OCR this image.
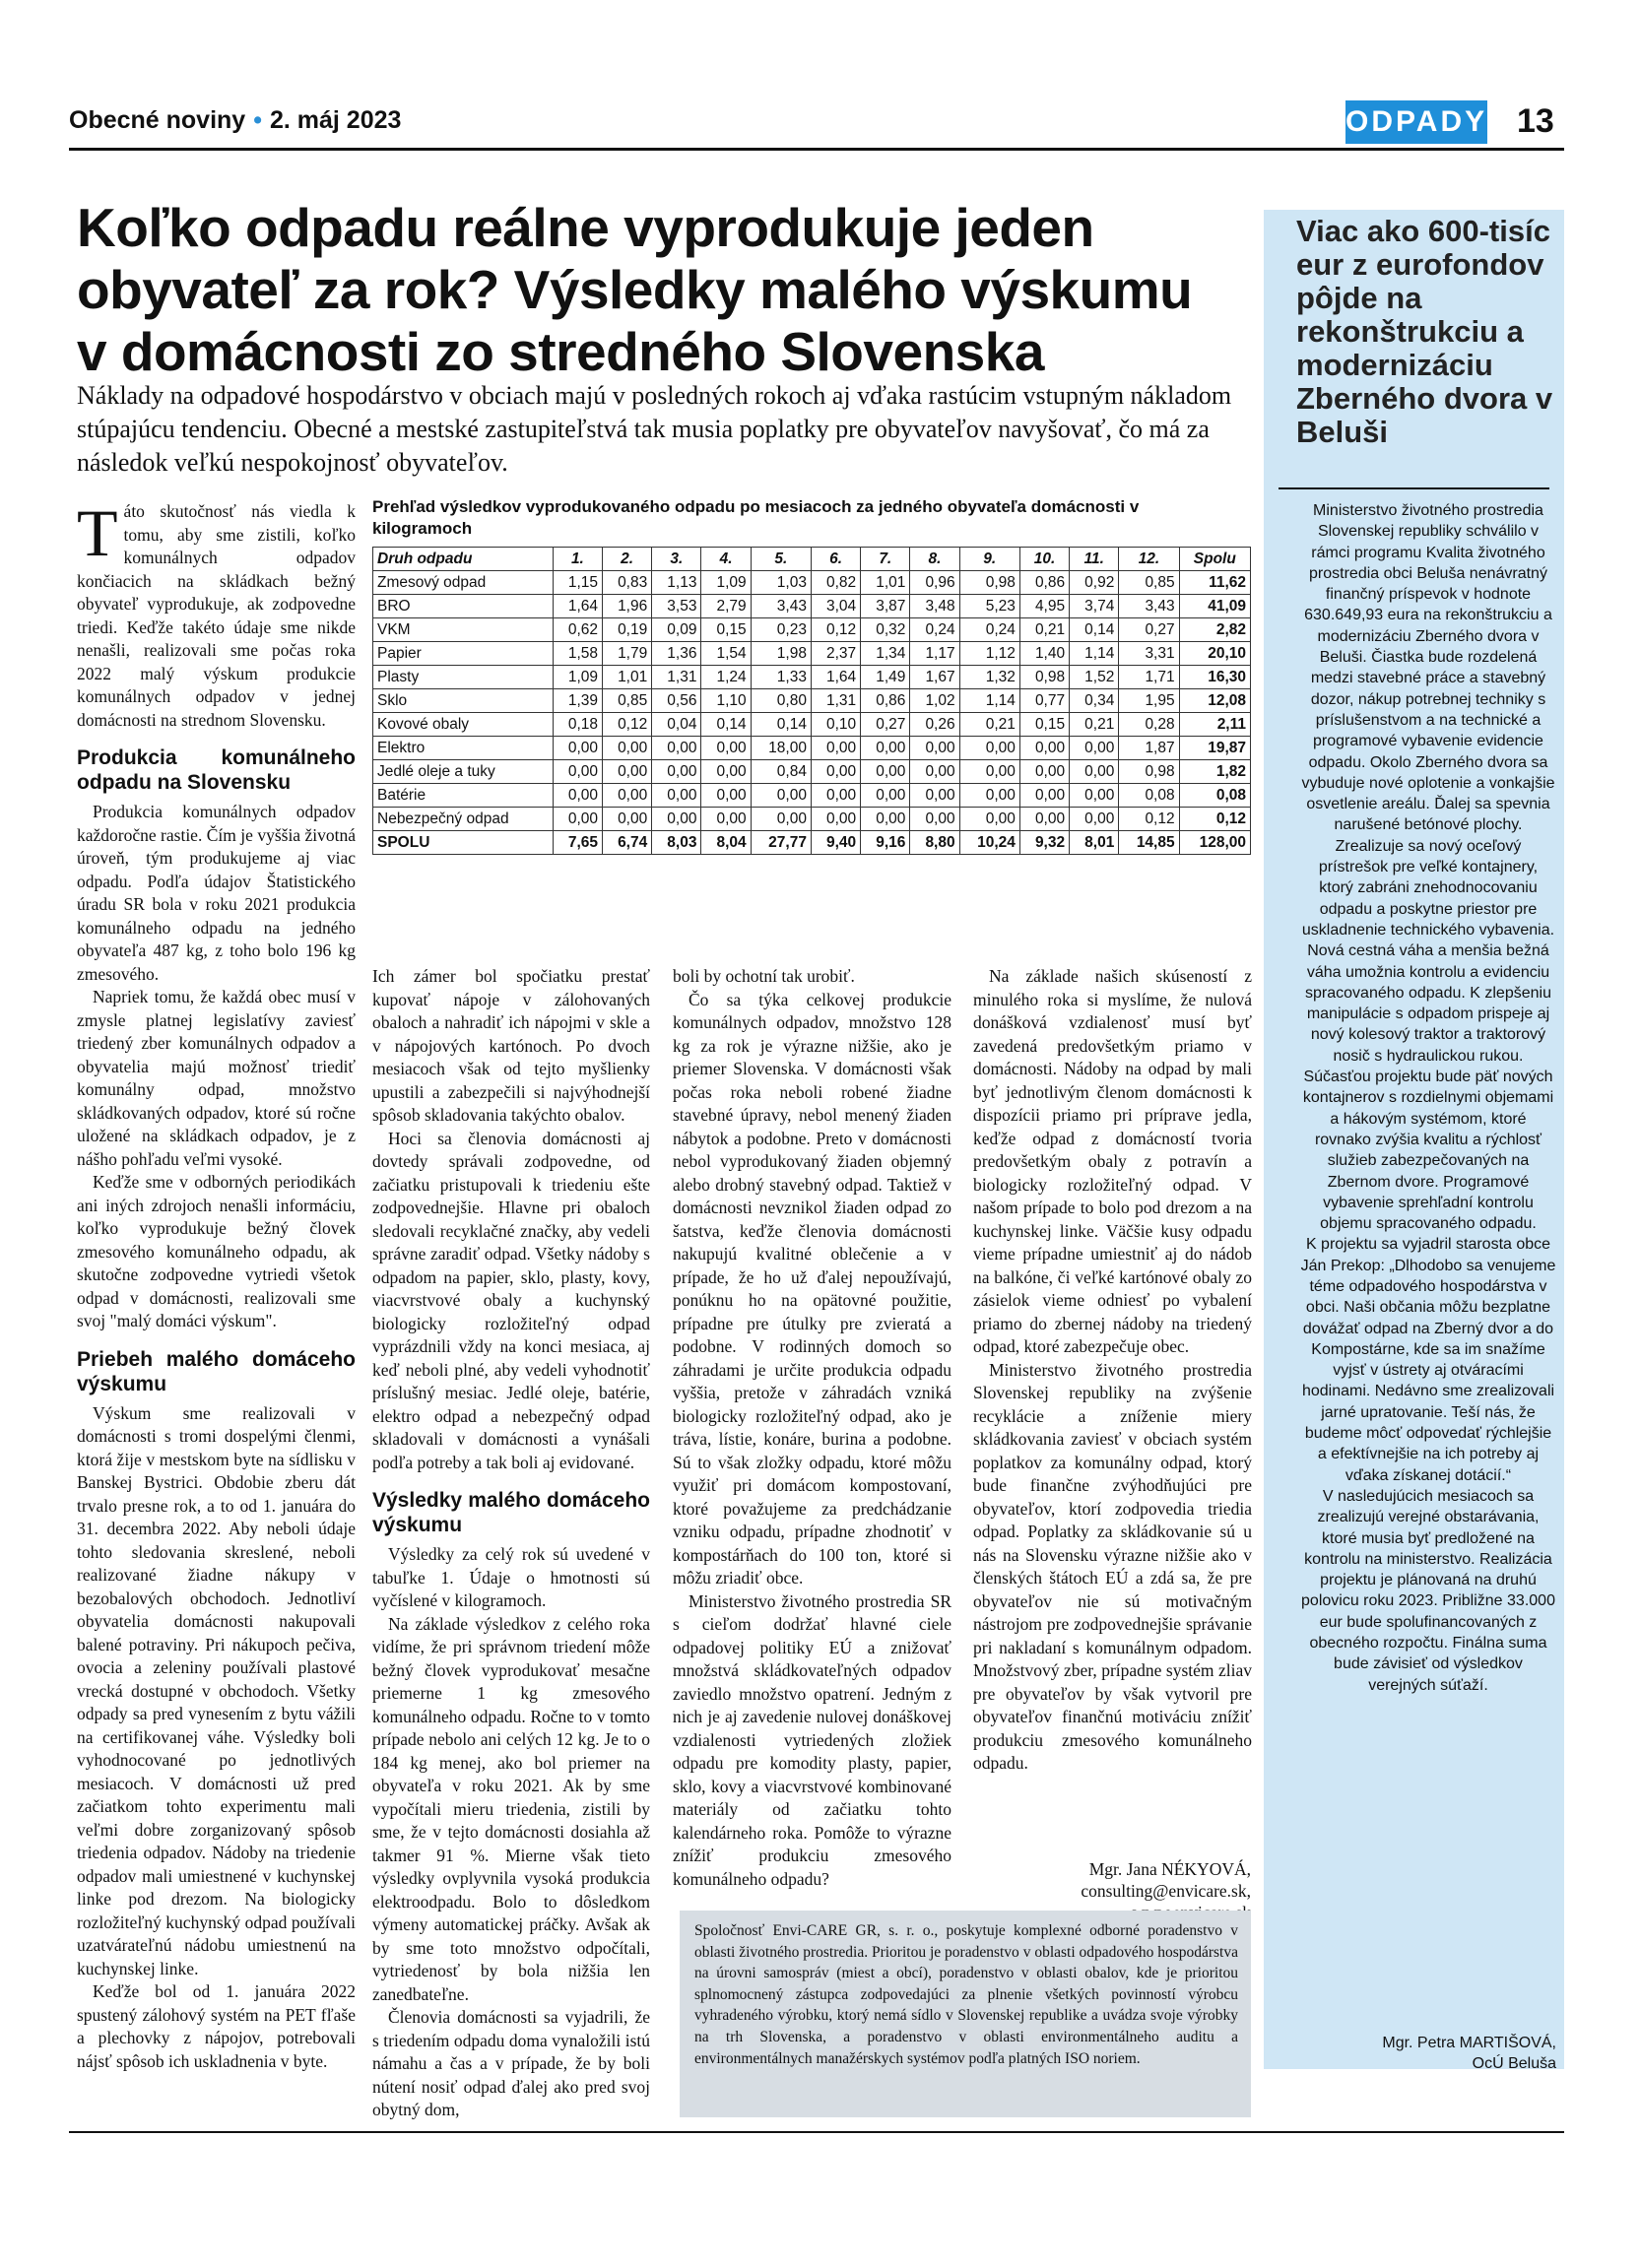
Obecné noviny • 2. máj 2023	ODPADY 13
Koľko odpadu reálne vyprodukuje jeden obyvateľ za rok? Výsledky malého výskumu v domácnosti zo stredného Slovenska
Náklady na odpadové hospodárstvo v obciach majú v posledných rokoch aj vďaka rastúcim vstupným nákladom stúpajúcu tendenciu. Obecné a mestské zastupiteľstvá tak musia poplatky pre obyvateľov navyšovať, čo má za následok veľkú nespokojnosť obyvateľov.

Táto skutočnosť nás viedla k tomu, aby sme zistili, koľko komunálnych odpadov končiacich na skládkach bežný obyvateľ vyprodukuje, ak zodpovedne triedi. Keďže takéto údaje sme nikde nenašli, realizovali sme počas roka 2022 malý výskum produkcie komunálnych odpadov v jednej domácnosti na strednom Slovensku.

Produkcia komunálneho odpadu na Slovensku

Produkcia komunálnych odpadov každoročne rastie. Čím je vyššia životná úroveň, tým produkujeme aj viac odpadu. Podľa údajov Štatistického úradu SR bola v roku 2021 produkcia komunálneho odpadu na jedného obyvateľa 487 kg, z toho bolo 196 kg zmesového.

Napriek tomu, že každá obec musí v zmysle platnej legislatívy zaviesť triedený zber komunálnych odpadov a obyvatelia majú možnosť triediť komunálny odpad, množstvo skládkovaných odpadov, ktoré sú ročne uložené na skládkach odpadov, je z nášho pohľadu veľmi vysoké.

Keďže sme v odborných periodikách ani iných zdrojoch nenašli informáciu, koľko vyprodukuje bežný človek zmesového komunálneho odpadu, ak skutočne zodpovedne vytriedi všetok odpad v domácnosti, realizovali sme svoj "malý domáci výskum".

Priebeh malého domáceho výskumu

Výskum sme realizovali v domácnosti s tromi dospelými členmi, ktorá žije v mestskom byte na sídlisku v Banskej Bystrici. Obdobie zberu dát trvalo presne rok, a to od 1. januára do 31. decembra 2022. Aby neboli údaje tohto sledovania skreslené, neboli realizované žiadne nákupy v bezobalových obchodoch. Jednotliví obyvatelia domácnosti nakupovali balené potraviny. Pri nákupoch pečiva, ovocia a zeleniny používali plastové vrecká dostupné v obchodoch. Všetky odpady sa pred vynesením z bytu vážili na certifikovanej váhe. Výsledky boli vyhodnocované po jednotlivých mesiacoch. V domácnosti už pred začiatkom tohto experimentu mali veľmi dobre zorganizovaný spôsob triedenia odpadov. Nádoby na triedenie odpadov mali umiestnené v kuchynskej linke pod drezom. Na biologicky rozložiteľný kuchynský odpad používali uzatvárateľnú nádobu umiestnenú na kuchynskej linke.

Keďže bol od 1. januára 2022 spustený zálohový systém na PET fľaše a plechovky z nápojov, potrebovali nájsť spôsob ich uskladnenia v byte.

Prehľad výsledkov vyprodukovaného odpadu po mesiacoch za jedného obyvateľa domácnosti v kilogramoch
Druh odpadu	1.	2.	3.	4.	5.	6.	7.	8.	9.	10.	11.	12.	Spolu
Zmesový odpad	1,15	0,83	1,13	1,09	1,03	0,82	1,01	0,96	0,98	0,86	0,92	0,85	11,62
BRO	1,64	1,96	3,53	2,79	3,43	3,04	3,87	3,48	5,23	4,95	3,74	3,43	41,09
VKM	0,62	0,19	0,09	0,15	0,23	0,12	0,32	0,24	0,24	0,21	0,14	0,27	2,82
Papier	1,58	1,79	1,36	1,54	1,98	2,37	1,34	1,17	1,12	1,40	1,14	3,31	20,10
Plasty	1,09	1,01	1,31	1,24	1,33	1,64	1,49	1,67	1,32	0,98	1,52	1,71	16,30
Sklo	1,39	0,85	0,56	1,10	0,80	1,31	0,86	1,02	1,14	0,77	0,34	1,95	12,08
Kovové obaly	0,18	0,12	0,04	0,14	0,14	0,10	0,27	0,26	0,21	0,15	0,21	0,28	2,11
Elektro	0,00	0,00	0,00	0,00	18,00	0,00	0,00	0,00	0,00	0,00	0,00	1,87	19,87
Jedlé oleje a tuky	0,00	0,00	0,00	0,00	0,84	0,00	0,00	0,00	0,00	0,00	0,00	0,98	1,82
Batérie	0,00	0,00	0,00	0,00	0,00	0,00	0,00	0,00	0,00	0,00	0,00	0,08	0,08
Nebezpečný odpad	0,00	0,00	0,00	0,00	0,00	0,00	0,00	0,00	0,00	0,00	0,00	0,12	0,12
SPOLU	7,65	6,74	8,03	8,04	27,77	9,40	9,16	8,80	10,24	9,32	8,01	14,85	128,00

Ich zámer bol spočiatku prestať kupovať nápoje v zálohovaných obaloch a nahradiť ich nápojmi v skle a v nápojových kartónoch. Po dvoch mesiacoch však od tejto myšlienky upustili a zabezpečili si najvýhodnejší spôsob skladovania takýchto obalov.

Hoci sa členovia domácnosti aj dovtedy správali zodpovedne, od začiatku pristupovali k triedeniu ešte zodpovednejšie. Hlavne pri obaloch sledovali recyklačné značky, aby vedeli správne zaradiť odpad. Všetky nádoby s odpadom na papier, sklo, plasty, kovy, viacvrstvové obaly a kuchynský biologicky rozložiteľný odpad vyprázdnili vždy na konci mesiaca, aj keď neboli plné, aby vedeli vyhodnotiť príslušný mesiac. Jedlé oleje, batérie, elektro odpad a nebezpečný odpad skladovali v domácnosti a vynášali podľa potreby a tak boli aj evidované.

Výsledky malého domáceho výskumu

Výsledky za celý rok sú uvedené v tabuľke 1. Údaje o hmotnosti sú vyčíslené v kilogramoch.

Na základe výsledkov z celého roka vidíme, že pri správnom triedení môže bežný človek vyprodukovať mesačne priemerne 1 kg zmesového komunálneho odpadu. Ročne to v tomto prípade nebolo ani celých 12 kg. Je to o 184 kg menej, ako bol priemer na obyvateľa v roku 2021. Ak by sme vypočítali mieru triedenia, zistili by sme, že v tejto domácnosti dosiahla až takmer 91 %. Mierne však tieto výsledky ovplyvnila vysoká produkcia elektroodpadu. Bolo to dôsledkom výmeny automatickej práčky. Avšak ak by sme toto množstvo odpočítali, vytriedenosť by bola nižšia len zanedbateľne.

Členovia domácnosti sa vyjadrili, že s triedením odpadu doma vynaložili istú námahu a čas a v prípade, že by boli nútení nosiť odpad ďalej ako pred svoj obytný dom,

boli by ochotní tak urobiť.

Čo sa týka celkovej produkcie komunálnych odpadov, množstvo 128 kg za rok je výrazne nižšie, ako je priemer Slovenska. V domácnosti však počas roka neboli robené žiadne stavebné úpravy, nebol menený žiaden nábytok a podobne. Preto v domácnosti nebol vyprodukovaný žiaden objemný alebo drobný stavebný odpad. Taktiež v domácnosti nevznikol žiaden odpad zo šatstva, keďže členovia domácnosti nakupujú kvalitné oblečenie a v prípade, že ho už ďalej nepoužívajú, ponúknu ho na opätovné použitie, prípadne pre útulky pre zvieratá a podobne. V rodinných domoch so záhradami je určite produkcia odpadu vyššia, pretože v záhradách vzniká biologicky rozložiteľný odpad, ako je tráva, lístie, konáre, burina a podobne. Sú to však zložky odpadu, ktoré môžu využiť pri domácom kompostovaní, ktoré považujeme za predchádzanie vzniku odpadu, prípadne zhodnotiť v kompostárňach do 100 ton, ktoré si môžu zriadiť obce.

Ministerstvo životného prostredia SR s cieľom dodržať hlavné ciele odpadovej politiky EÚ a znižovať množstvá skládkovateľných odpadov zaviedlo množstvo opatrení. Jedným z nich je aj zavedenie nulovej donáškovej vzdialenosti vytriedených zložiek odpadu pre komodity plasty, papier, sklo, kovy a viacvrstvové kombinované materiály od začiatku tohto kalendárneho roka. Pomôže to výrazne znížiť produkciu zmesového komunálneho odpadu?

Na základe našich skúseností z minulého roka si myslíme, že nulová donášková vzdialenosť musí byť zavedená predovšetkým priamo v domácnosti. Nádoby na odpad by mali byť jednotlivým členom domácnosti k dispozícii priamo pri príprave jedla, keďže odpad z domácností tvoria predovšetkým obaly z potravín a biologicky rozložiteľný odpad. V našom prípade to bolo pod drezom a na kuchynskej linke. Väčšie kusy odpadu vieme prípadne umiestniť aj do nádob na balkóne, či veľké kartónové obaly zo zásielok vieme odniesť po vybalení priamo do zbernej nádoby na triedený odpad, ktoré zabezpečuje obec.

Ministerstvo životného prostredia Slovenskej republiky na zvýšenie recyklácie a zníženie miery skládkovania zaviesť v obciach systém poplatkov za komunálny odpad, ktorý bude finančne zvýhodňujúci pre obyvateľov, ktorí zodpovedia triedia odpad. Poplatky za skládkovanie sú u nás na Slovensku výrazne nižšie ako v členských štátoch EÚ a zdá sa, že pre obyvateľov nie sú motivačným nástrojom pre zodpovednejšie správanie pri nakladaní s komunálnym odpadom. Množstvový zber, prípadne systém zliav pre obyvateľov by však vytvoril pre obyvateľov finančnú motiváciu znížiť produkciu zmesového komunálneho odpadu.

Mgr. Jana NÉKYOVÁ,
consulting@envicare.sk,
Spoločnosť Envi-CARE GR, s. r. o., poskytuje komplexné odborné poradenstvo v oblasti životného prostredia. Prioritou je poradenstvo v oblasti odpadového hospodárstva na úrovni samospráv (miest a obcí), poradenstvo v oblasti obalov, kde je prioritou splnomocnený zástupca zodpovedajúci za plnenie všetkých povinností výrobcu vyhradeného výrobku, ktorý nemá sídlo v Slovenskej republike a uvádza svoje výrobky na trh Slovenska, a poradenstvo v oblasti environmentálneho auditu a environmentálnych manažérskych systémov podľa platných ISO noriem.
Viac ako 600-tisíc eur z eurofondov pôjde na rekonštrukciu a modernizáciu Zberného dvora v Beluši

Ministerstvo životného prostredia Slovenskej republiky schválilo v rámci programu Kvalita životného prostredia obci Beluša nenávratný finančný príspevok v hodnote 630.649,93 eura na rekonštrukciu a modernizáciu Zberného dvora v Beluši. Čiastka bude rozdelená medzi stavebné práce a stavebný dozor, nákup potrebnej techniky s príslušenstvom a na technické a programové vybavenie evidencie odpadu. Okolo Zberného dvora sa vybuduje nové oplotenie a vonkajšie osvetlenie areálu. Ďalej sa spevnia narušené betónové plochy. Zrealizuje sa nový oceľový prístrešok pre veľké kontajnery, ktorý zabráni znehodnocovaniu odpadu a poskytne priestor pre uskladnenie technického vybavenia. Nová cestná váha a menšia bežná váha umožnia kontrolu a evidenciu spracovaného odpadu. K zlepšeniu manipulácie s odpadom prispeje aj nový kolesový traktor a traktorový nosič s hydraulickou rukou. Súčasťou projektu bude päť nových kontajnerov s rozdielnymi objemami a hákovým systémom, ktoré rovnako zvýšia kvalitu a rýchlosť služieb zabezpečovaných na Zbernom dvore. Programové vybavenie sprehľadní kontrolu objemu spracovaného odpadu.

K projektu sa vyjadril starosta obce Ján Prekop: „Dlhodobo sa venujeme téme odpadového hospodárstva v obci. Naši občania môžu bezplatne dovážať odpad na Zberný dvor a do Kompostárne, kde sa im snažíme vyjsť v ústrety aj otváracími hodinami. Nedávno sme zrealizovali jarné upratovanie. Teší nás, že budeme môcť odpovedať rýchlejšie a efektívnejšie na ich potreby aj vďaka získanej dotácií.“

V nasledujúcich mesiacoch sa zrealizujú verejné obstarávania, ktoré musia byť predložené na kontrolu na ministerstvo. Realizácia projektu je plánovaná na druhú polovicu roku 2023. Približne 33.000 eur bude spolufinancovaných z obecného rozpočtu. Finálna suma bude závisieť od výsledkov verejných súťaží.

Mgr. Petra MARTIŠOVÁ,
OcÚ Beluša
